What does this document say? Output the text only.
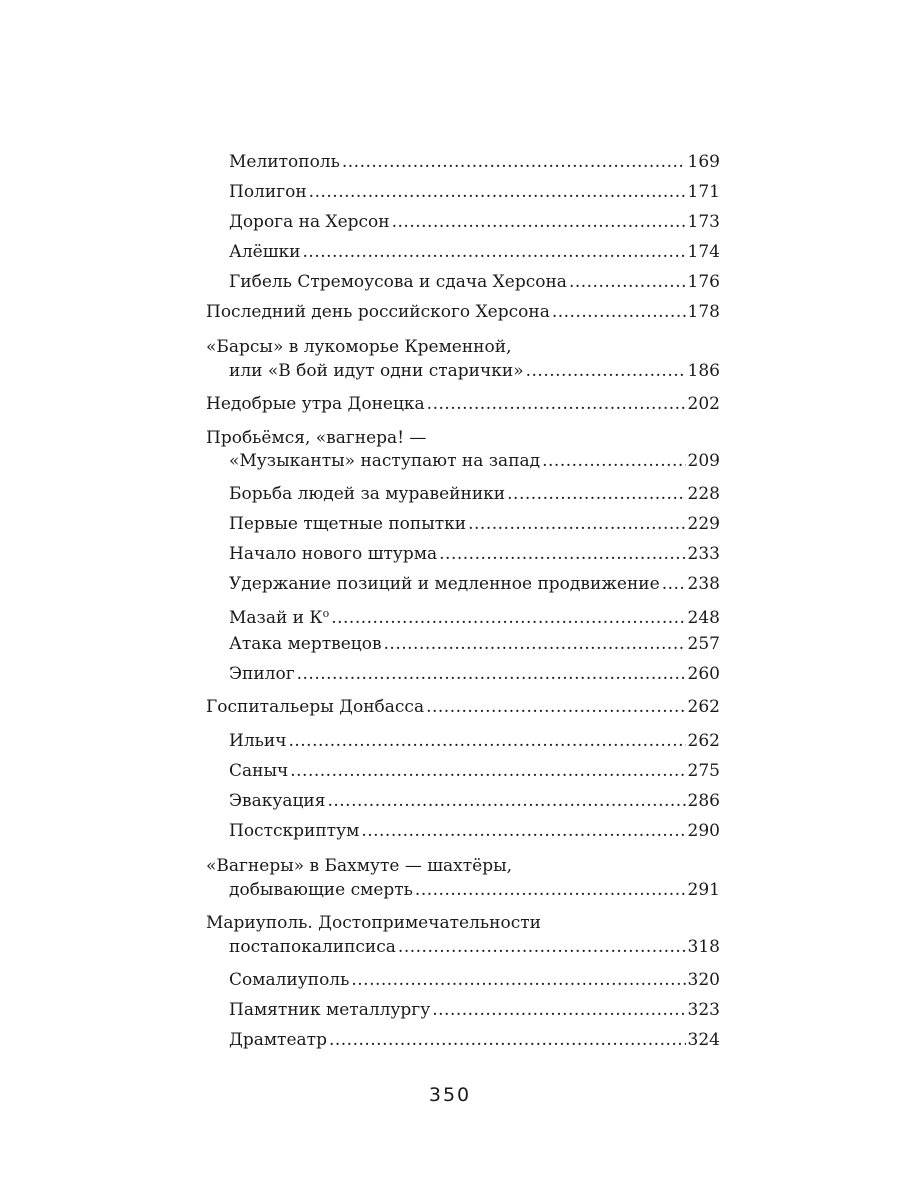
Мелитополь .....	169
Полигон .....	171
Дорога на Херсон .....	173
Алёшки .....	174
Гибель Стремоусова и сдача Херсона .....	176
Последний день российского Херсона .....	178
«Барсы» в лукоморье Кременной,
или «В бой идут одни старички» .....	186
Недобрые утра Донецка .....	202
Пробьёмся, «вагнера! —
«Музыканты» наступают на запад .....	209
Борьба людей за муравейники .....	228
Первые тщетные попытки .....	229
Начало нового штурма .....	233
Удержание позиций и медленное продвижение ..... 238
Мазай и $К^о$ .....	248
Атака мертвецов .....	257
Эпилог .....	260
Госпитальеры Донбасса .....	262
Ильич .....	262
Саныч .....	275
Эвакуация .....	286
Постскриптум .....	290
«Вагнеры» в Бахмуте — шахтёры,
добывающие смерть .....	291
Мариуполь. Достопримечательности
постапокалипсиса .....	318
Сомалиуполь .....	320
Памятник металлургу .....	323
Драмтеатр .....	324
350
